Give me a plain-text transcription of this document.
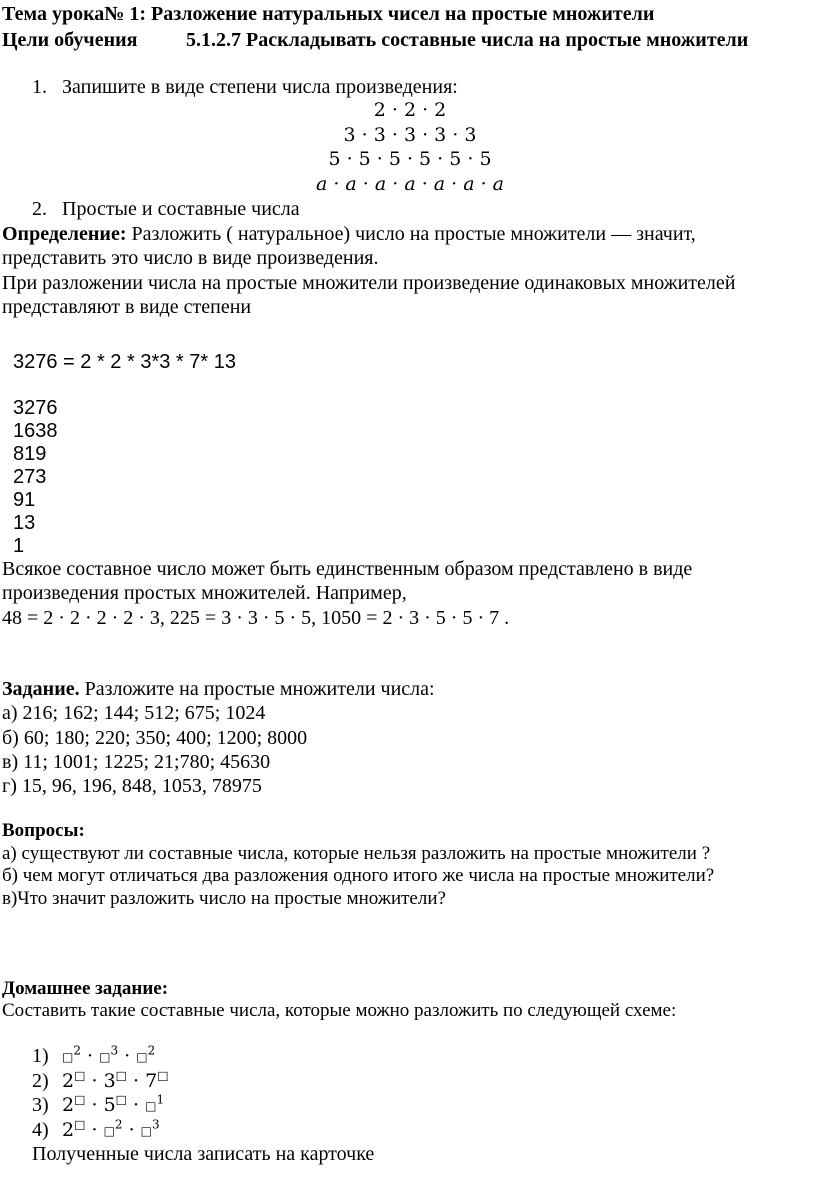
Тема урока№ 1: Разложение натуральных чисел на простые множители
Цели обучения 5.1.2.7 Раскладывать составные числа на простые множители
1. Запишите в виде степени числа произведения:
2 · 2 · 2
3 · 3 · 3 · 3 · 3
5 · 5 · 5 · 5 · 5 · 5
a · a · a · a · a · a · a
2. Простые и составные числа
Определение: Разложить ( натуральное) число на простые множители — значит,
представить это число в виде произведения.
При разложении числа на простые множители произведение одинаковых множителей
представляют в виде степени
3276 = 2 * 2 * 3*3 * 7* 13
3276
1638
819
273
91
13
1
Всякое составное число может быть единственным образом представлено в виде
произведения простых множителей. Например,
48 = 2 · 2 · 2 · 2 · 3, 225 = 3 · 3 · 5 · 5, 1050 = 2 · 3 · 5 · 5 · 7 .
Задание. Разложите на простые множители числа:
а) 216; 162; 144; 512; 675; 1024
б) 60; 180; 220; 350; 400; 1200; 8000
в) 11; 1001; 1225; 21;780; 45630
г) 15, 96, 196, 848, 1053, 78975
Вопросы:
а) существуют ли составные числа, которые нельзя разложить на простые множители ?
б) чем могут отличаться два разложения одного итого же числа на простые множители?
в)Что значит разложить число на простые множители?
Домашнее задание:
Составить такие составные числа, которые можно разложить по следующей схеме:
1) □$^2$ · □$^3$ · □$^2$
2) 2□ · 3□ · 7□
3) 2□ · 5□ · □$^1$
4) 2□ · □$^2$ · □$^3$
Полученные числа записать на карточке
